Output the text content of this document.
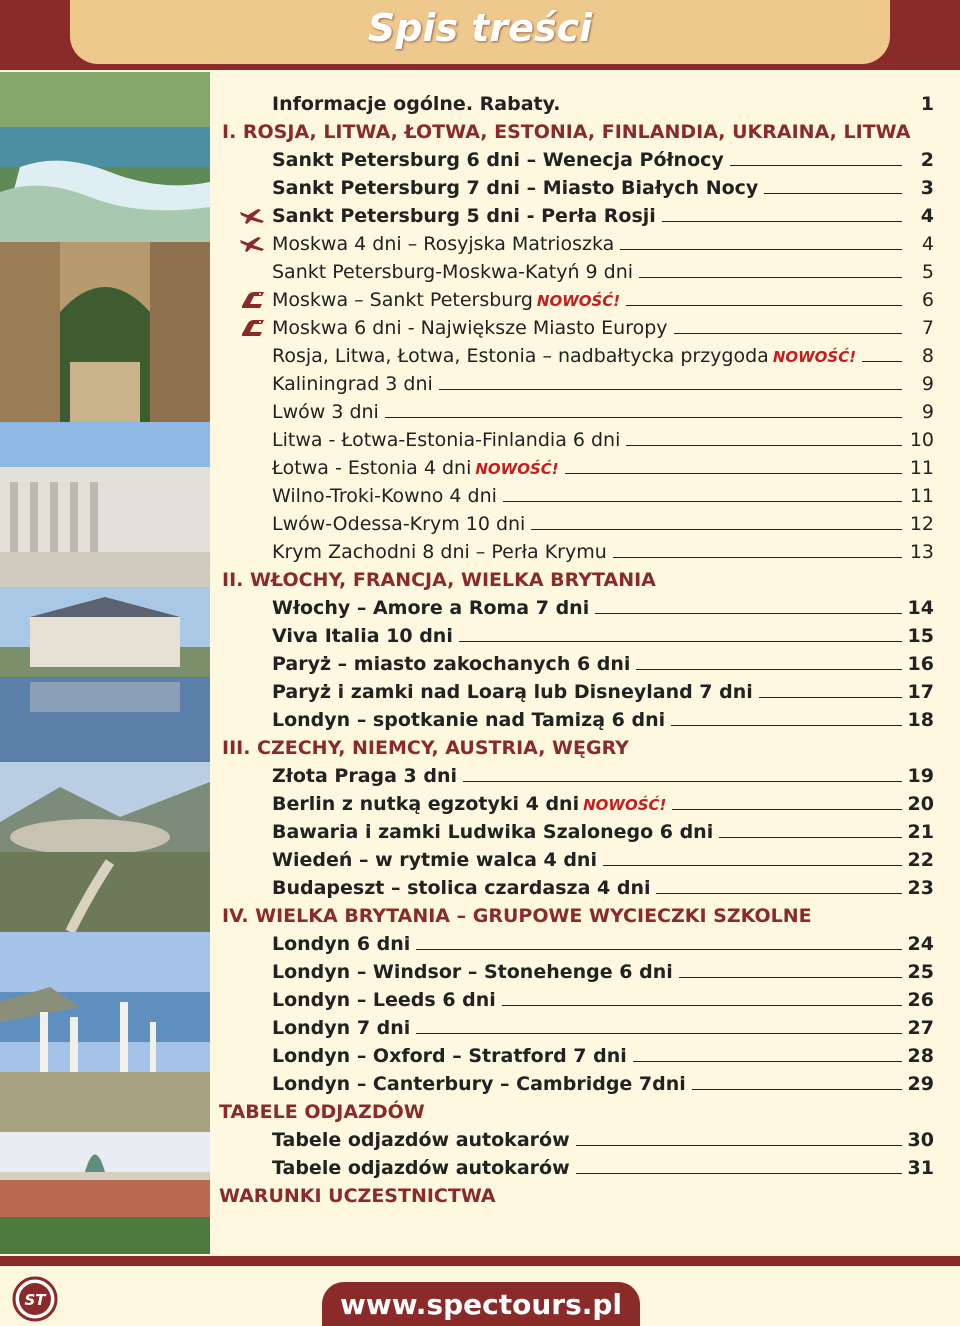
Spis treści
Informacje ogólne. Rabaty.	1
I. ROSJA, LITWA, ŁOTWA, ESTONIA, FINLANDIA, UKRAINA, LITWA
Sankt Petersburg 6 dni – Wenecja Północy	2
Sankt Petersburg 7 dni – Miasto Białych Nocy	3
Sankt Petersburg 5 dni - Perła Rosji	4
Moskwa 4 dni – Rosyjska Matrioszka	4
Sankt Petersburg-Moskwa-Katyń 9 dni	5
Moskwa – Sankt Petersburg NOWOŚĆ!	6
Moskwa 6 dni - Największe Miasto Europy	7
Rosja, Litwa, Łotwa, Estonia – nadbałtycka przygoda NOWOŚĆ!	8
Kaliningrad 3 dni	9
Lwów 3 dni	9
Litwa - Łotwa-Estonia-Finlandia 6 dni	10
Łotwa - Estonia 4 dni NOWOŚĆ!	11
Wilno-Troki-Kowno 4 dni	11
Lwów-Odessa-Krym 10 dni	12
Krym Zachodni 8 dni – Perła Krymu	13
II. WŁOCHY, FRANCJA, WIELKA BRYTANIA
Włochy – Amore a Roma 7 dni	14
Viva Italia 10 dni	15
Paryż – miasto zakochanych 6 dni	16
Paryż i zamki nad Loarą lub Disneyland 7 dni	17
Londyn – spotkanie nad Tamizą 6 dni	18
III. CZECHY, NIEMCY, AUSTRIA, WĘGRY
Złota Praga 3 dni	19
Berlin z nutką egzotyki 4 dni NOWOŚĆ!	20
Bawaria i zamki Ludwika Szalonego 6 dni	21
Wiedeń – w rytmie walca 4 dni	22
Budapeszt – stolica czardasza 4 dni	23
IV. WIELKA BRYTANIA – GRUPOWE WYCIECZKI SZKOLNE
Londyn 6 dni	24
Londyn – Windsor – Stonehenge 6 dni	25
Londyn – Leeds 6 dni	26
Londyn 7 dni	27
Londyn – Oxford – Stratford 7 dni	28
Londyn – Canterbury – Cambridge 7dni	29
TABELE ODJAZDÓW
Tabele odjazdów autokarów	30
Tabele odjazdów autokarów	31
WARUNKI UCZESTNICTWA
www.spectours.pl
ST
